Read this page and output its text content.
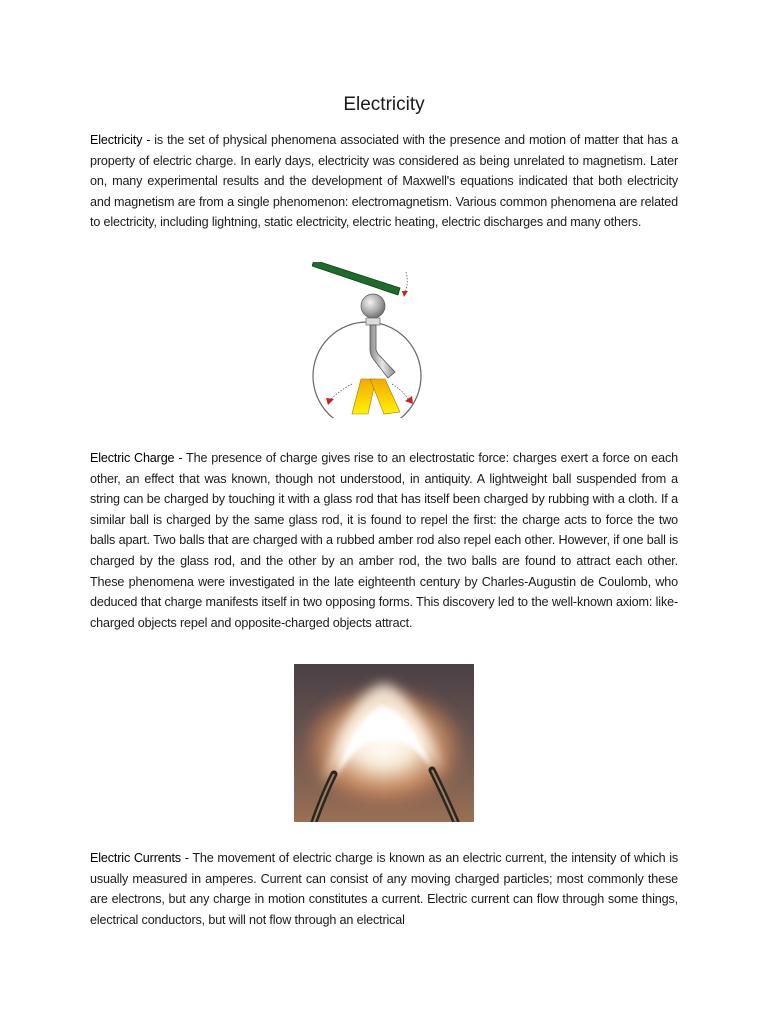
Electricity

Electricity - is the set of physical phenomena associated with the presence and motion of matter that has a property of electric charge. In early days, electricity was considered as being unrelated to magnetism. Later on, many experimental results and the development of Maxwell's equations indicated that both electricity and magnetism are from a single phenomenon: electromagnetism. Various common phenomena are related to electricity, including lightning, static electricity, electric heating, electric discharges and many others.

Electric Charge - The presence of charge gives rise to an electrostatic force: charges exert a force on each other, an effect that was known, though not understood, in antiquity. A lightweight ball suspended from a string can be charged by touching it with a glass rod that has itself been charged by rubbing with a cloth. If a similar ball is charged by the same glass rod, it is found to repel the first: the charge acts to force the two balls apart. Two balls that are charged with a rubbed amber rod also repel each other. However, if one ball is charged by the glass rod, and the other by an amber rod, the two balls are found to attract each other. These phenomena were investigated in the late eighteenth century by Charles-Augustin de Coulomb, who deduced that charge manifests itself in two opposing forms. This discovery led to the well-known axiom: like-charged objects repel and opposite-charged objects attract.

Electric Currents - The movement of electric charge is known as an electric current, the intensity of which is usually measured in amperes. Current can consist of any moving charged particles; most commonly these are electrons, but any charge in motion constitutes a current. Electric current can flow through some things, electrical conductors, but will not flow through an electrical
